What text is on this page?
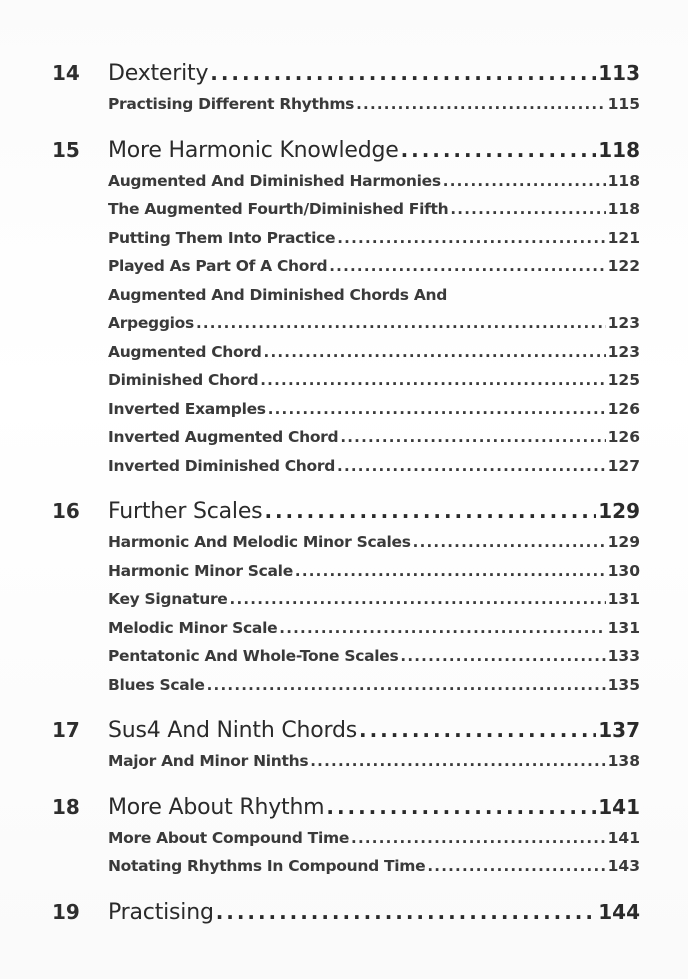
14	Dexterity . . .	113
Practising Different Rhythms . . .	115
15	More Harmonic Knowledge . . .	118
Augmented And Diminished Harmonies . . .	118
The Augmented Fourth/Diminished Fifth . . .	118
Putting Them Into Practice . . .	121
Played As Part Of A Chord . . .	122
Augmented And Diminished Chords And
Arpeggios . . .	123
Augmented Chord . . .	123
Diminished Chord . . .	125
Inverted Examples . . .	126
Inverted Augmented Chord . . .	126
Inverted Diminished Chord . . .	127
16	Further Scales . . .	129
Harmonic And Melodic Minor Scales . . .	129
Harmonic Minor Scale . . .	130
Key Signature . . .	131
Melodic Minor Scale . . .	131
Pentatonic And Whole-Tone Scales . . .	133
Blues Scale . . .	135
17	Sus4 And Ninth Chords . . .	137
Major And Minor Ninths . . .	138
18	More About Rhythm . . .	141
More About Compound Time . . .	141
Notating Rhythms In Compound Time . . .	143
19	Practising . . .	144
